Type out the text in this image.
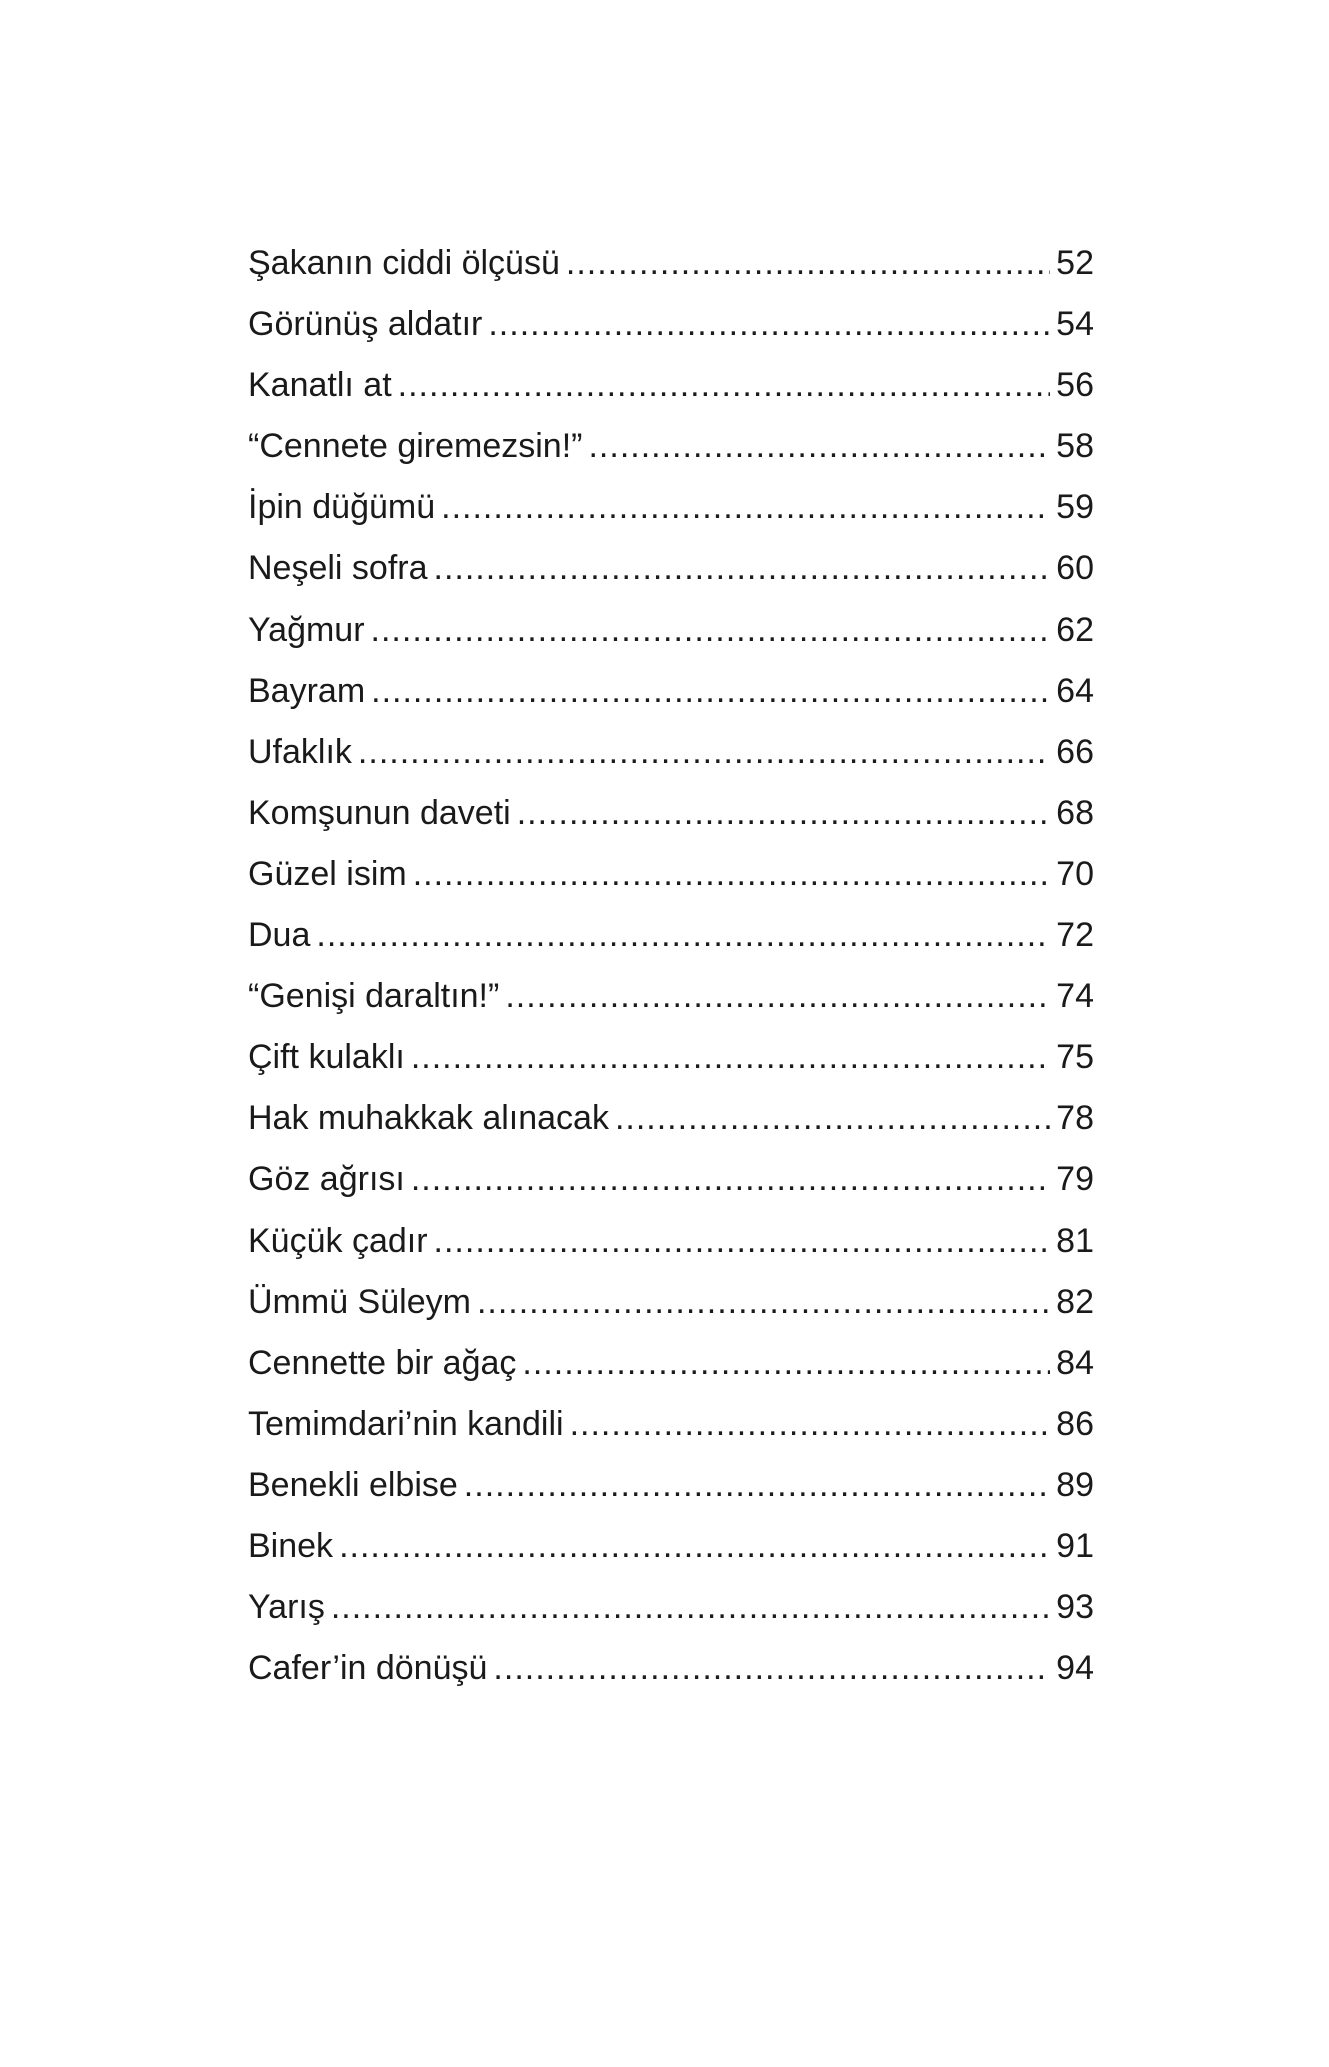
Şakanın ciddi ölçüsü .....	52
Görünüş aldatır .....	54
Kanatlı at .....	56
“Cennete giremezsin!” .....	58
İpin düğümü .....	59
Neşeli sofra .....	60
Yağmur .....	62
Bayram .....	64
Ufaklık .....	66
Komşunun daveti .....	68
Güzel isim .....	70
Dua .....	72
“Genişi daraltın!” .....	74
Çift kulaklı .....	75
Hak muhakkak alınacak .....	78
Göz ağrısı .....	79
Küçük çadır .....	81
Ümmü Süleym .....	82
Cennette bir ağaç .....	84
Temimdari’nin kandili .....	86
Benekli elbise .....	89
Binek .....	91
Yarış .....	93
Cafer’in dönüşü .....	94
